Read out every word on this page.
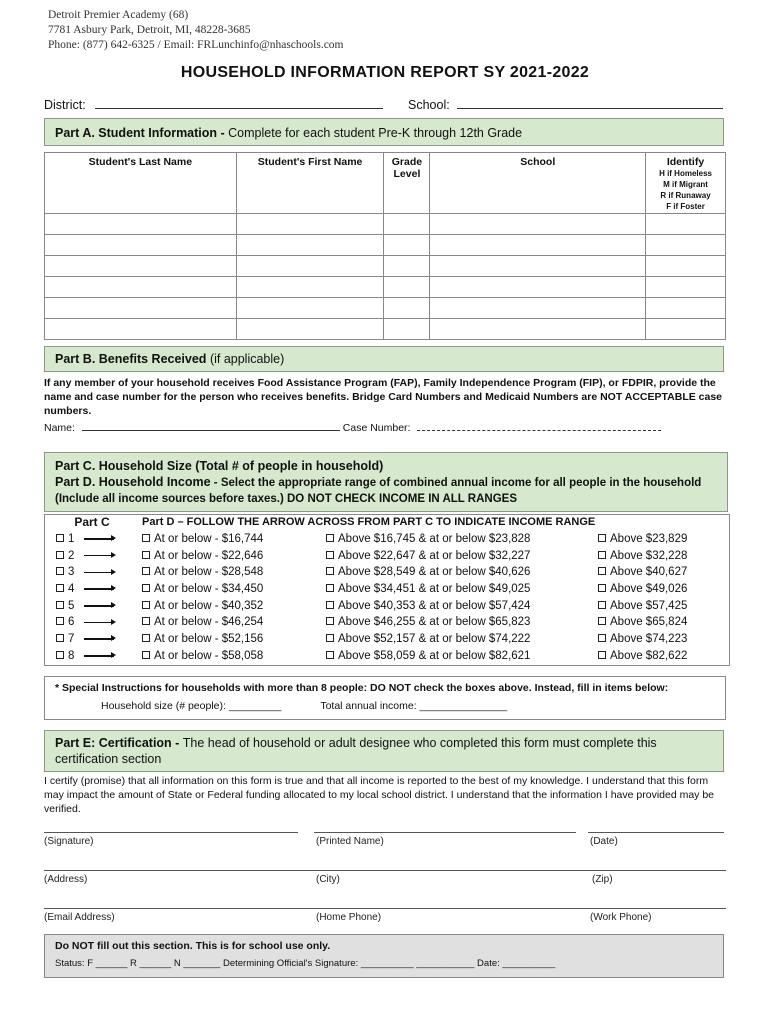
Detroit Premier Academy (68)
7781 Asbury Park, Detroit, MI, 48228-3685
Phone: (877) 642-6325 / Email: FRLunchinfo@nhaschools.com
HOUSEHOLD INFORMATION REPORT SY 2021-2022
District:	School:
Part A. Student Information - Complete for each student Pre-K through 12th Grade
Student's Last Name	Student's First Name	Grade Level	School	Identify
H if Homeless
M if Migrant
R if Runaway
F if Foster

Part B. Benefits Received (if applicable)
If any member of your household receives Food Assistance Program (FAP), Family Independence Program (FIP), or FDPIR, provide the name and case number for the person who receives benefits. Bridge Card Numbers and Medicaid Numbers are NOT ACCEPTABLE case numbers.
Name:	Case Number:
Part C. Household Size (Total # of people in household)
Part D. Household Income - Select the appropriate range of combined annual income for all people in the household (Include all income sources before taxes.) DO NOT CHECK INCOME IN ALL RANGES
Part C	Part D – FOLLOW THE ARROW ACROSS FROM PART C TO INDICATE INCOME RANGE		
1	At or below - $16,744	Above $16,745 & at or below $23,828	Above $23,829
2	At or below - $22,646	Above $22,647 & at or below $32,227	Above $32,228
3	At or below - $28,548	Above $28,549 & at or below $40,626	Above $40,627
4	At or below - $34,450	Above $34,451 & at or below $49,025	Above $49,026
5	At or below - $40,352	Above $40,353 & at or below $57,424	Above $57,425
6	At or below - $46,254	Above $46,255 & at or below $65,823	Above $65,824
7	At or below - $52,156	Above $52,157 & at or below $74,222	Above $74,223
8	At or below - $58,058	Above $58,059 & at or below $82,621	Above $82,622
* Special Instructions for households with more than 8 people: DO NOT check the boxes above. Instead, fill in items below:
Household size (# people): _________	Total annual income: _______________
Part E: Certification - The head of household or adult designee who completed this form must complete this certification section
I certify (promise) that all information on this form is true and that all income is reported to the best of my knowledge. I understand that this form may impact the amount of State or Federal funding allocated to my local school district. I understand that the information I have provided may be verified.
(Signature)	(Printed Name)	(Date)
(Address)	(City)	(Zip)
(Email Address)	(Home Phone)	(Work Phone)
Do NOT fill out this section. This is for school use only.
Status: F ______ R ______ N _______ Determining Official's Signature: __________ ___________ Date: __________
